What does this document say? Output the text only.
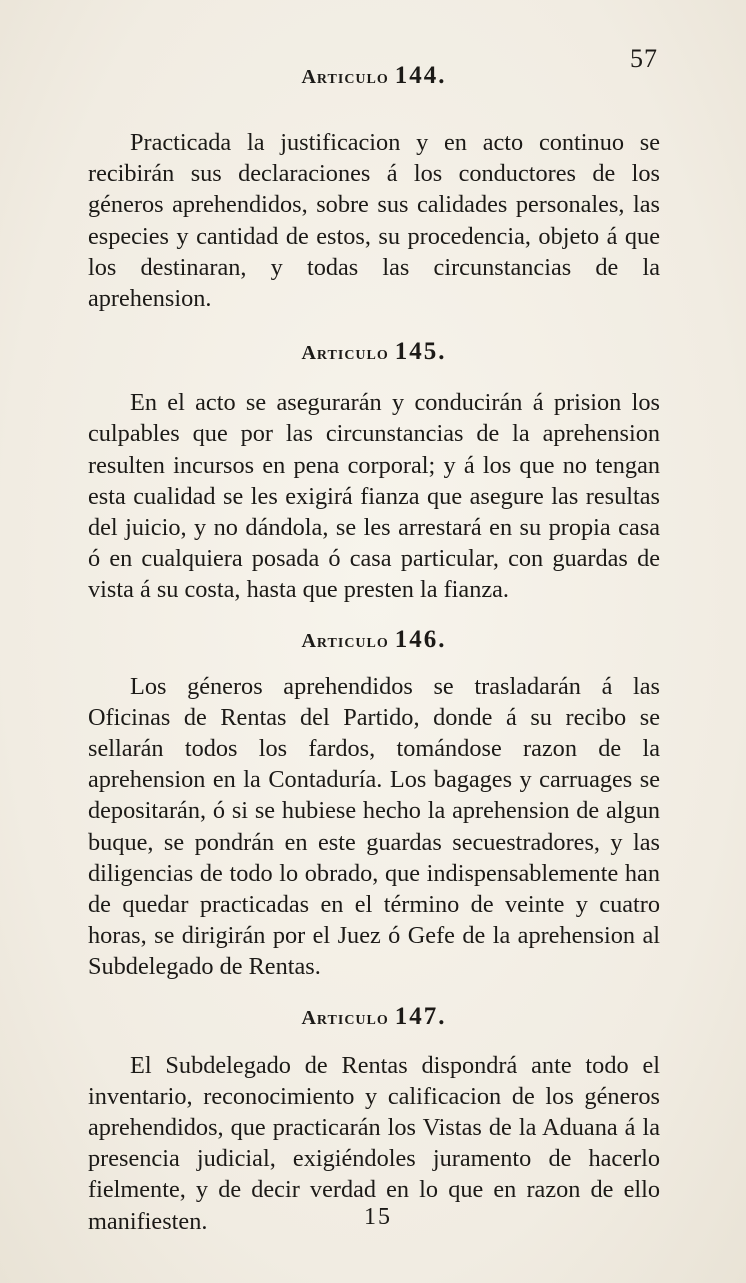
57
Articulo 144.

Practicada la justificacion y en acto continuo se recibirán sus declaraciones á los conductores de los géneros aprehendidos, sobre sus calidades personales, las especies y cantidad de estos, su procedencia, objeto á que los destinaran, y todas las circunstancias de la aprehension.

Articulo 145.

En el acto se asegurarán y conducirán á prision los culpables que por las circunstancias de la aprehension resulten incursos en pena corporal; y á los que no tengan esta cualidad se les exigirá fianza que asegure las resultas del juicio, y no dándola, se les arrestará en su propia casa ó en cualquiera posada ó casa particular, con guardas de vista á su costa, hasta que presten la fianza.

Articulo 146.

Los géneros aprehendidos se trasladarán á las Oficinas de Rentas del Partido, donde á su recibo se sellarán todos los fardos, tomándose razon de la aprehension en la Contaduría. Los bagages y carruages se depositarán, ó si se hubiese hecho la aprehension de algun buque, se pondrán en este guardas secuestradores, y las diligencias de todo lo obrado, que indispensablemente han de quedar practicadas en el término de veinte y cuatro horas, se dirigirán por el Juez ó Gefe de la aprehension al Subdelegado de Rentas.

Articulo 147.

El Subdelegado de Rentas dispondrá ante todo el inventario, reconocimiento y calificacion de los géneros aprehendidos, que practicarán los Vistas de la Aduana á la presencia judicial, exigiéndoles juramento de hacerlo fielmente, y de decir verdad en lo que en razon de ello manifiesten.	15
